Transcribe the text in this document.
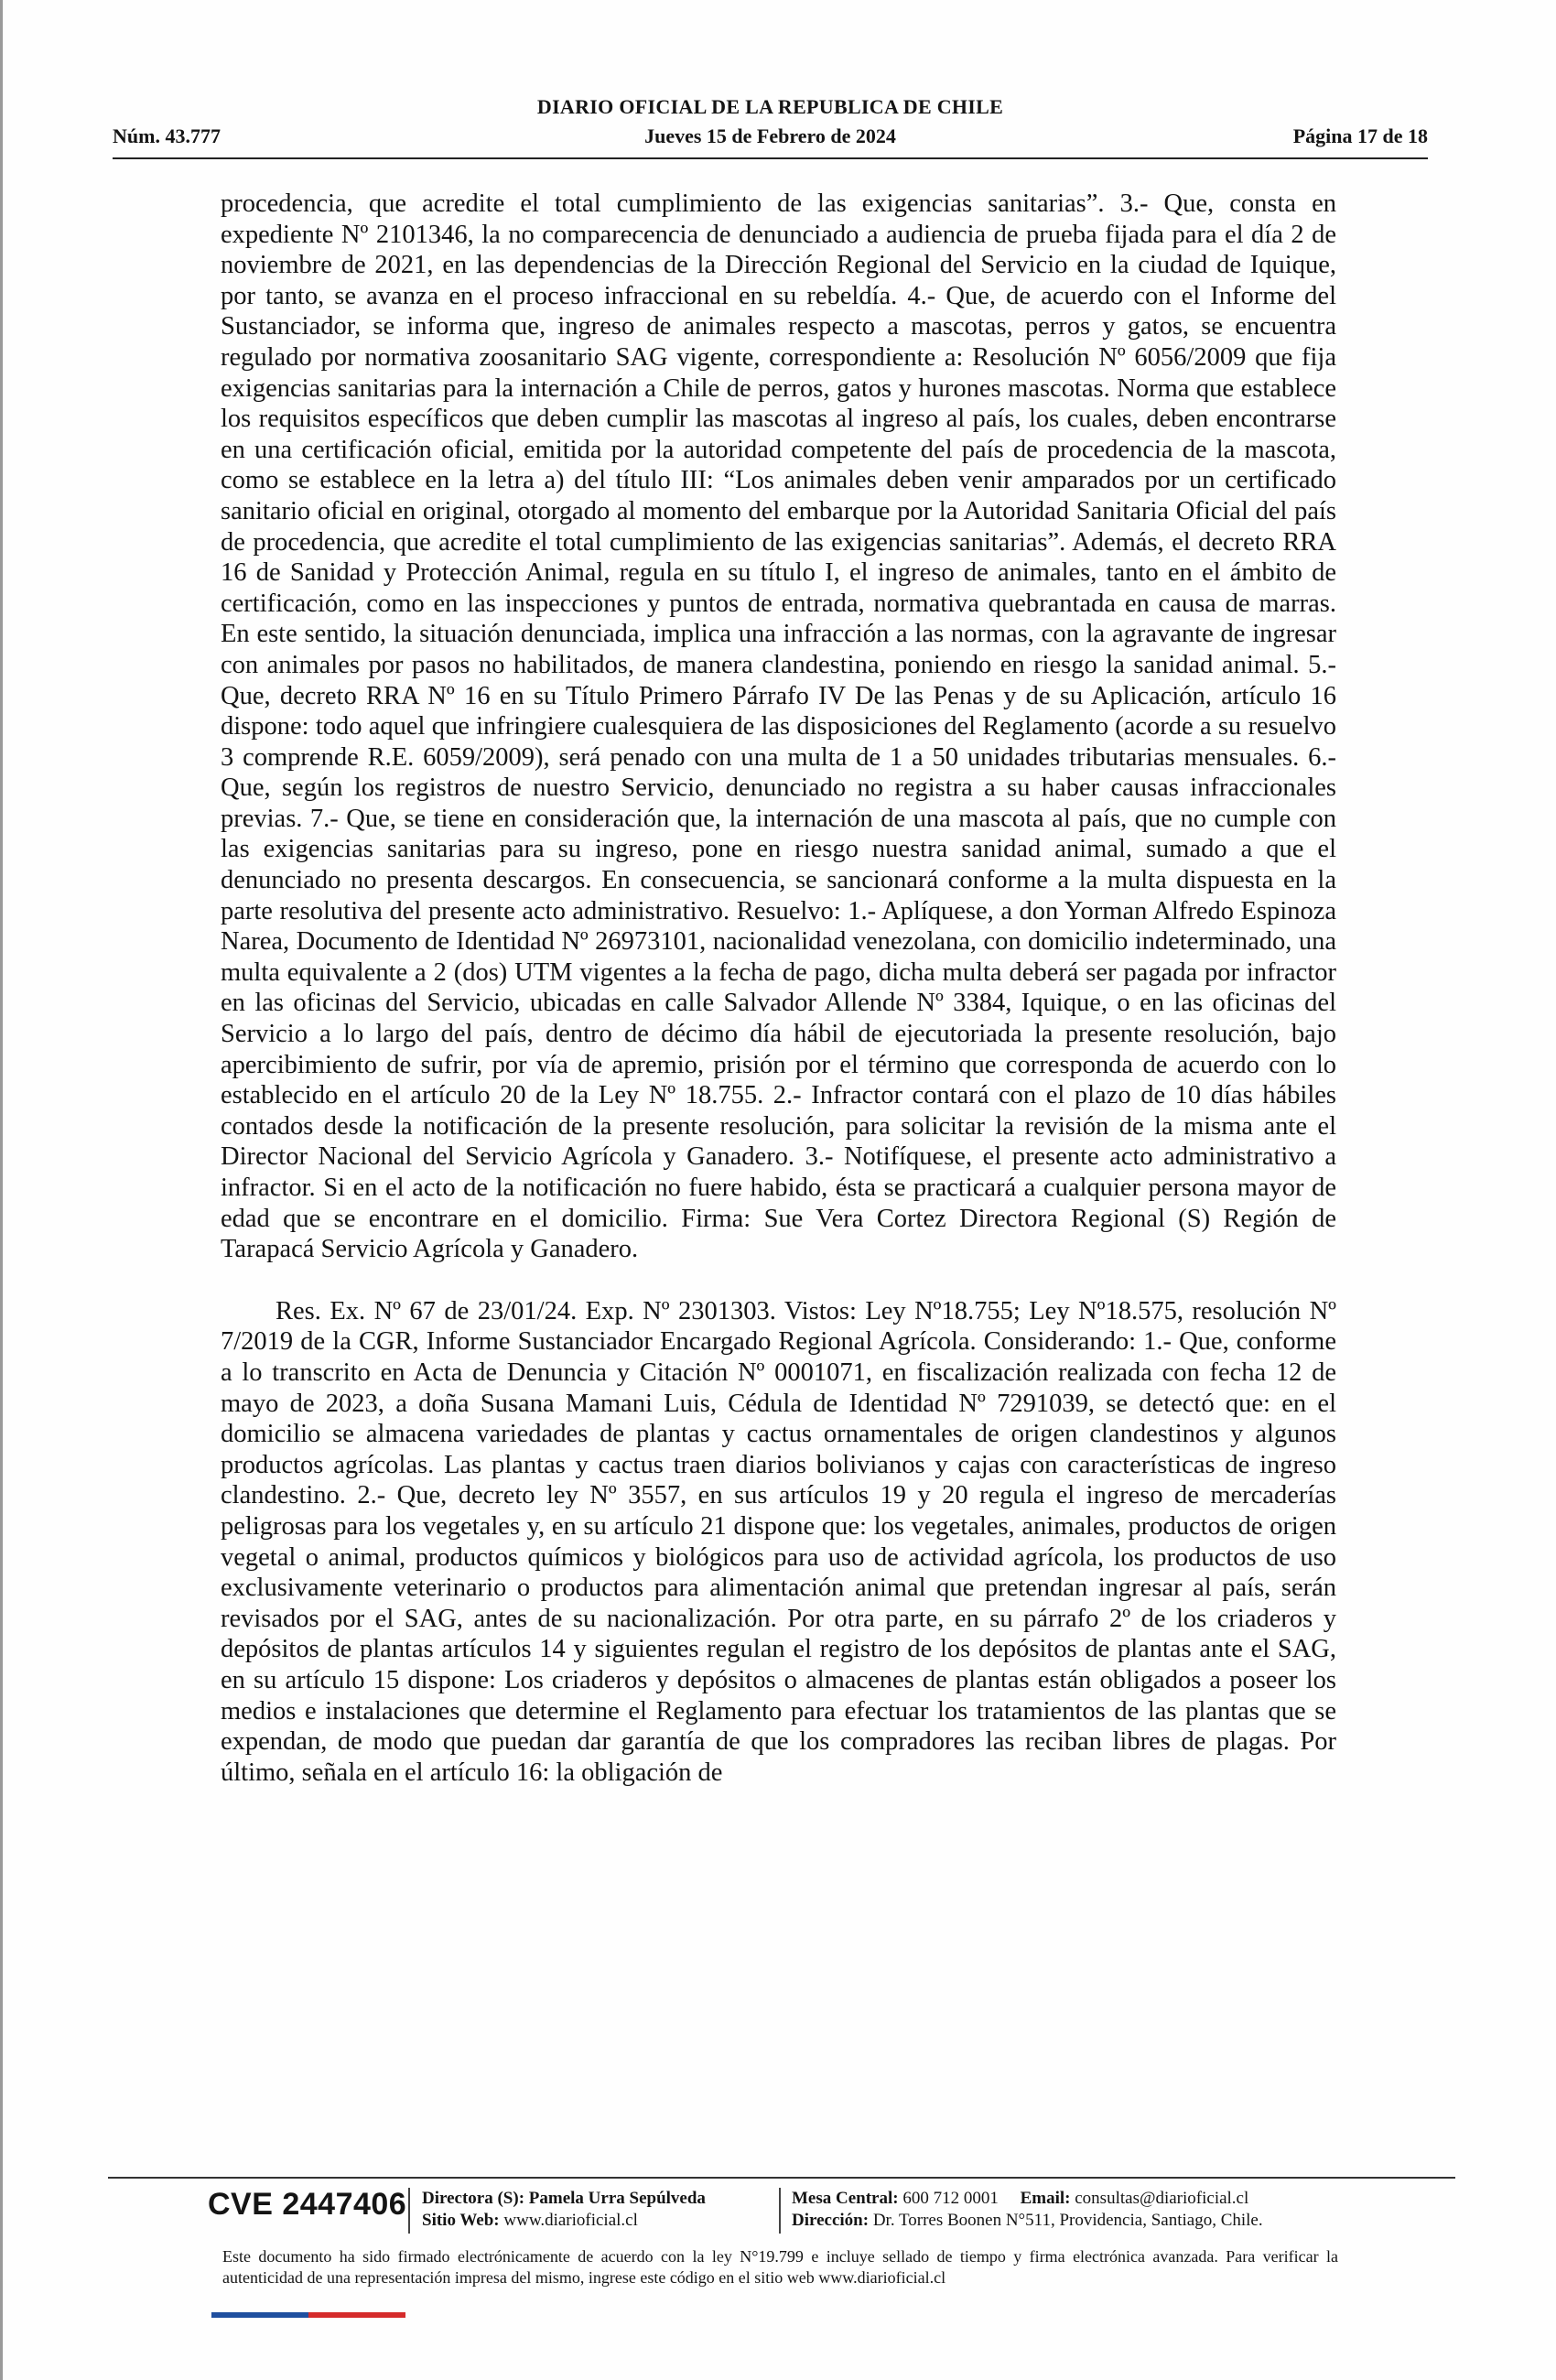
DIARIO OFICIAL DE LA REPUBLICA DE CHILE
Núm. 43.777	Jueves 15 de Febrero de 2024	Página 17 de 18

procedencia, que acredite el total cumplimiento de las exigencias sanitarias”. 3.- Que, consta en expediente Nº 2101346, la no comparecencia de denunciado a audiencia de prueba fijada para el día 2 de noviembre de 2021, en las dependencias de la Dirección Regional del Servicio en la ciudad de Iquique, por tanto, se avanza en el proceso infraccional en su rebeldía. 4.- Que, de acuerdo con el Informe del Sustanciador, se informa que, ingreso de animales respecto a mascotas, perros y gatos, se encuentra regulado por normativa zoosanitario SAG vigente, correspondiente a: Resolución Nº 6056/2009 que fija exigencias sanitarias para la internación a Chile de perros, gatos y hurones mascotas. Norma que establece los requisitos específicos que deben cumplir las mascotas al ingreso al país, los cuales, deben encontrarse en una certificación oficial, emitida por la autoridad competente del país de procedencia de la mascota, como se establece en la letra a) del título III: “Los animales deben venir amparados por un certificado sanitario oficial en original, otorgado al momento del embarque por la Autoridad Sanitaria Oficial del país de procedencia, que acredite el total cumplimiento de las exigencias sanitarias”. Además, el decreto RRA 16 de Sanidad y Protección Animal, regula en su título I, el ingreso de animales, tanto en el ámbito de certificación, como en las inspecciones y puntos de entrada, normativa quebrantada en causa de marras. En este sentido, la situación denunciada, implica una infracción a las normas, con la agravante de ingresar con animales por pasos no habilitados, de manera clandestina, poniendo en riesgo la sanidad animal. 5.- Que, decreto RRA Nº 16 en su Título Primero Párrafo IV De las Penas y de su Aplicación, artículo 16 dispone: todo aquel que infringiere cualesquiera de las disposiciones del Reglamento (acorde a su resuelvo 3 comprende R.E. 6059/2009), será penado con una multa de 1 a 50 unidades tributarias mensuales. 6.- Que, según los registros de nuestro Servicio, denunciado no registra a su haber causas infraccionales previas. 7.- Que, se tiene en consideración que, la internación de una mascota al país, que no cumple con las exigencias sanitarias para su ingreso, pone en riesgo nuestra sanidad animal, sumado a que el denunciado no presenta descargos. En consecuencia, se sancionará conforme a la multa dispuesta en la parte resolutiva del presente acto administrativo. Resuelvo: 1.- Aplíquese, a don Yorman Alfredo Espinoza Narea, Documento de Identidad Nº 26973101, nacionalidad venezolana, con domicilio indeterminado, una multa equivalente a 2 (dos) UTM vigentes a la fecha de pago, dicha multa deberá ser pagada por infractor en las oficinas del Servicio, ubicadas en calle Salvador Allende Nº 3384, Iquique, o en las oficinas del Servicio a lo largo del país, dentro de décimo día hábil de ejecutoriada la presente resolución, bajo apercibimiento de sufrir, por vía de apremio, prisión por el término que corresponda de acuerdo con lo establecido en el artículo 20 de la Ley Nº 18.755. 2.- Infractor contará con el plazo de 10 días hábiles contados desde la notificación de la presente resolución, para solicitar la revisión de la misma ante el Director Nacional del Servicio Agrícola y Ganadero. 3.- Notifíquese, el presente acto administrativo a infractor. Si en el acto de la notificación no fuere habido, ésta se practicará a cualquier persona mayor de edad que se encontrare en el domicilio. Firma: Sue Vera Cortez Directora Regional (S) Región de Tarapacá Servicio Agrícola y Ganadero.

Res. Ex. Nº 67 de 23/01/24. Exp. Nº 2301303. Vistos: Ley Nº18.755; Ley Nº18.575, resolución Nº 7/2019 de la CGR, Informe Sustanciador Encargado Regional Agrícola. Considerando: 1.- Que, conforme a lo transcrito en Acta de Denuncia y Citación Nº 0001071, en fiscalización realizada con fecha 12 de mayo de 2023, a doña Susana Mamani Luis, Cédula de Identidad Nº 7291039, se detectó que: en el domicilio se almacena variedades de plantas y cactus ornamentales de origen clandestinos y algunos productos agrícolas. Las plantas y cactus traen diarios bolivianos y cajas con características de ingreso clandestino. 2.- Que, decreto ley Nº 3557, en sus artículos 19 y 20 regula el ingreso de mercaderías peligrosas para los vegetales y, en su artículo 21 dispone que: los vegetales, animales, productos de origen vegetal o animal, productos químicos y biológicos para uso de actividad agrícola, los productos de uso exclusivamente veterinario o productos para alimentación animal que pretendan ingresar al país, serán revisados por el SAG, antes de su nacionalización. Por otra parte, en su párrafo 2º de los criaderos y depósitos de plantas artículos 14 y siguientes regulan el registro de los depósitos de plantas ante el SAG, en su artículo 15 dispone: Los criaderos y depósitos o almacenes de plantas están obligados a poseer los medios e instalaciones que determine el Reglamento para efectuar los tratamientos de las plantas que se expendan, de modo que puedan dar garantía de que los compradores las reciban libres de plagas. Por último, señala en el artículo 16: la obligación de

CVE 2447406 Directora (S): Pamela Urra Sepúlveda
Sitio Web: www.diarioficial.cl
Mesa Central: 600 712 0001 Email: consultas@diarioficial.cl
Dirección: Dr. Torres Boonen N°511, Providencia, Santiago, Chile.
Este documento ha sido firmado electrónicamente de acuerdo con la ley N°19.799 e incluye sellado de tiempo y firma electrónica avanzada. Para verificar la autenticidad de una representación impresa del mismo, ingrese este código en el sitio web www.diarioficial.cl
